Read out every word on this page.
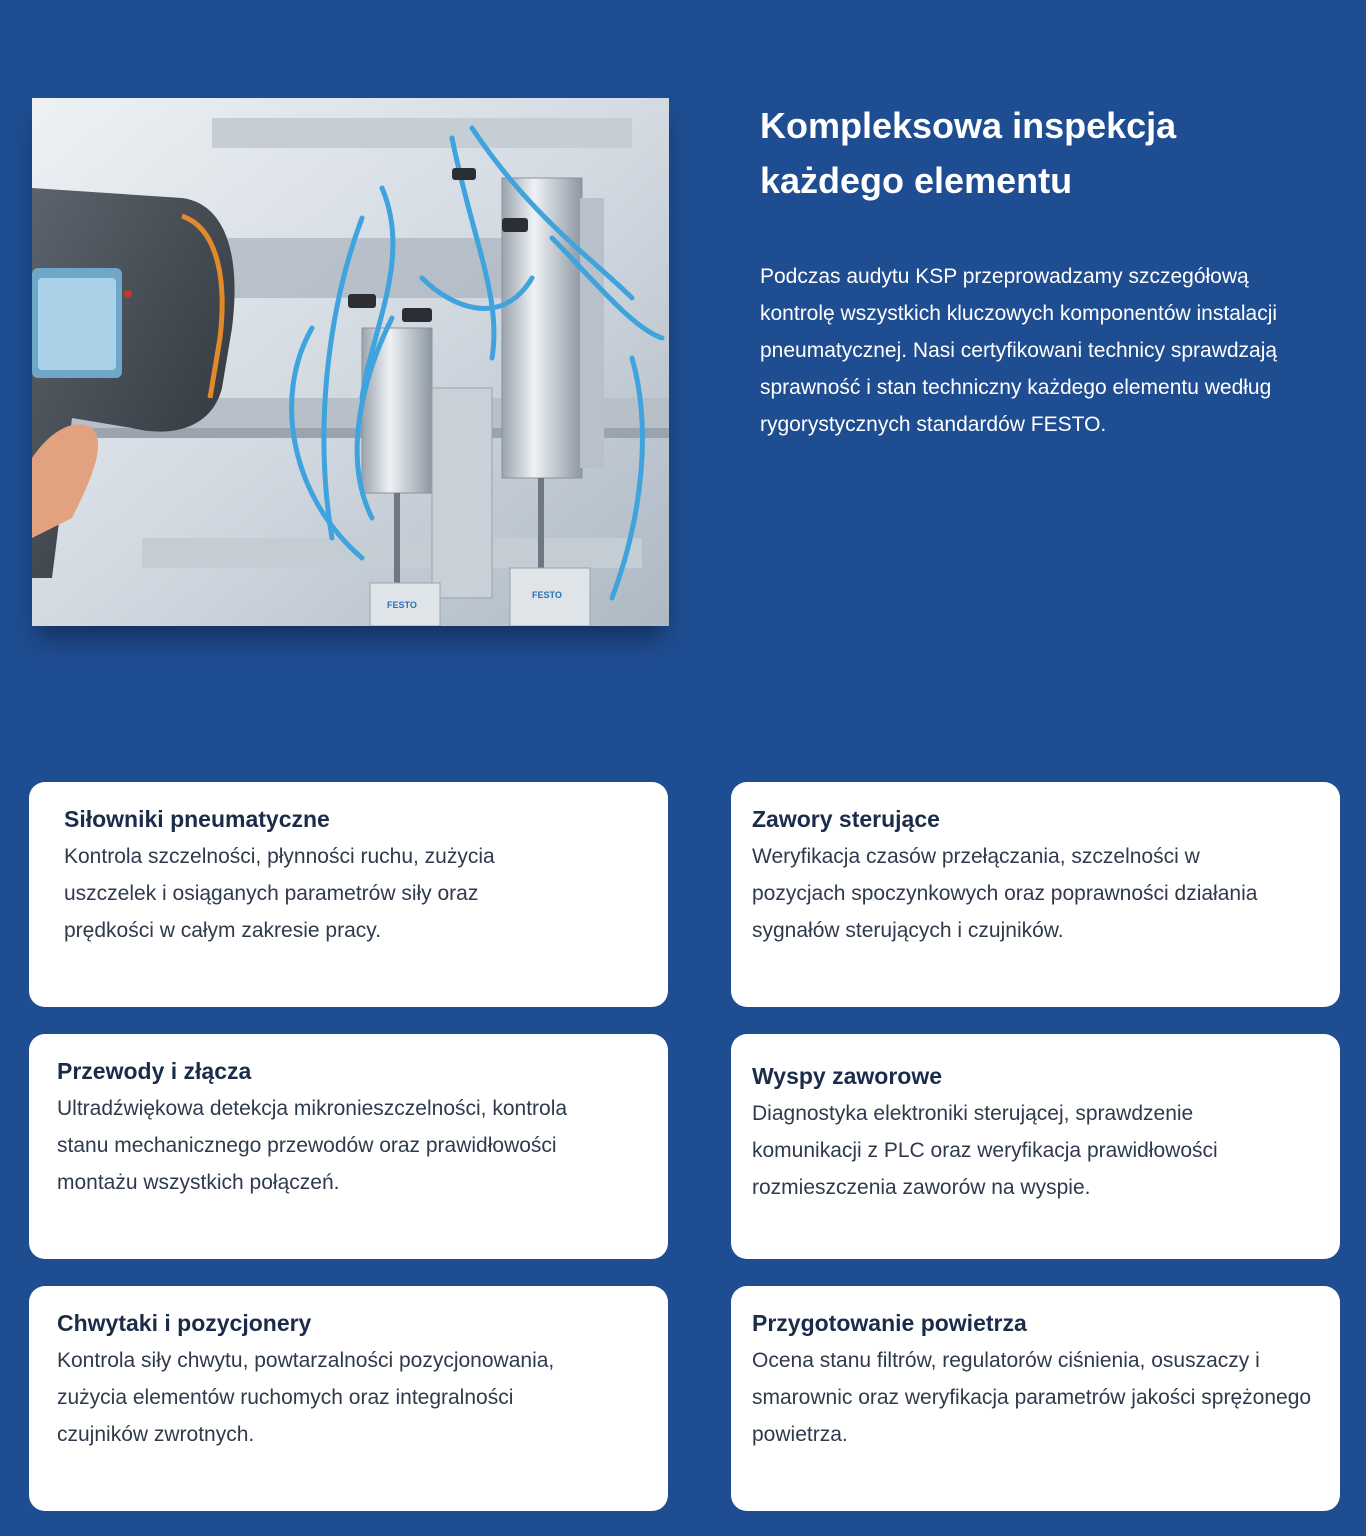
FESTO
FESTO
Kompleksowa inspekcja
każdego elementu

Podczas audytu KSP przeprowadzamy szczegółową kontrolę wszystkich kluczowych komponentów instalacji pneumatycznej. Nasi certyfikowani technicy sprawdzają sprawność i stan techniczny każdego elementu według rygorystycznych standardów FESTO.

Siłowniki pneumatyczne

Kontrola szczelności, płynności ruchu, zużycia uszczelek i osiąganych parametrów siły oraz prędkości w całym zakresie pracy.

Zawory sterujące

Weryfikacja czasów przełączania, szczelności w pozycjach spoczynkowych oraz poprawności działania sygnałów sterujących i czujników.

Przewody i złącza

Ultradźwiękowa detekcja mikronieszczelności, kontrola stanu mechanicznego przewodów oraz prawidłowości montażu wszystkich połączeń.

Wyspy zaworowe

Diagnostyka elektroniki sterującej, sprawdzenie komunikacji z PLC oraz weryfikacja prawidłowości rozmieszczenia zaworów na wyspie.

Chwytaki i pozycjonery

Kontrola siły chwytu, powtarzalności pozycjonowania, zużycia elementów ruchomych oraz integralności czujników zwrotnych.

Przygotowanie powietrza

Ocena stanu filtrów, regulatorów ciśnienia, osuszaczy i smarownic oraz weryfikacja parametrów jakości sprężonego powietrza.
